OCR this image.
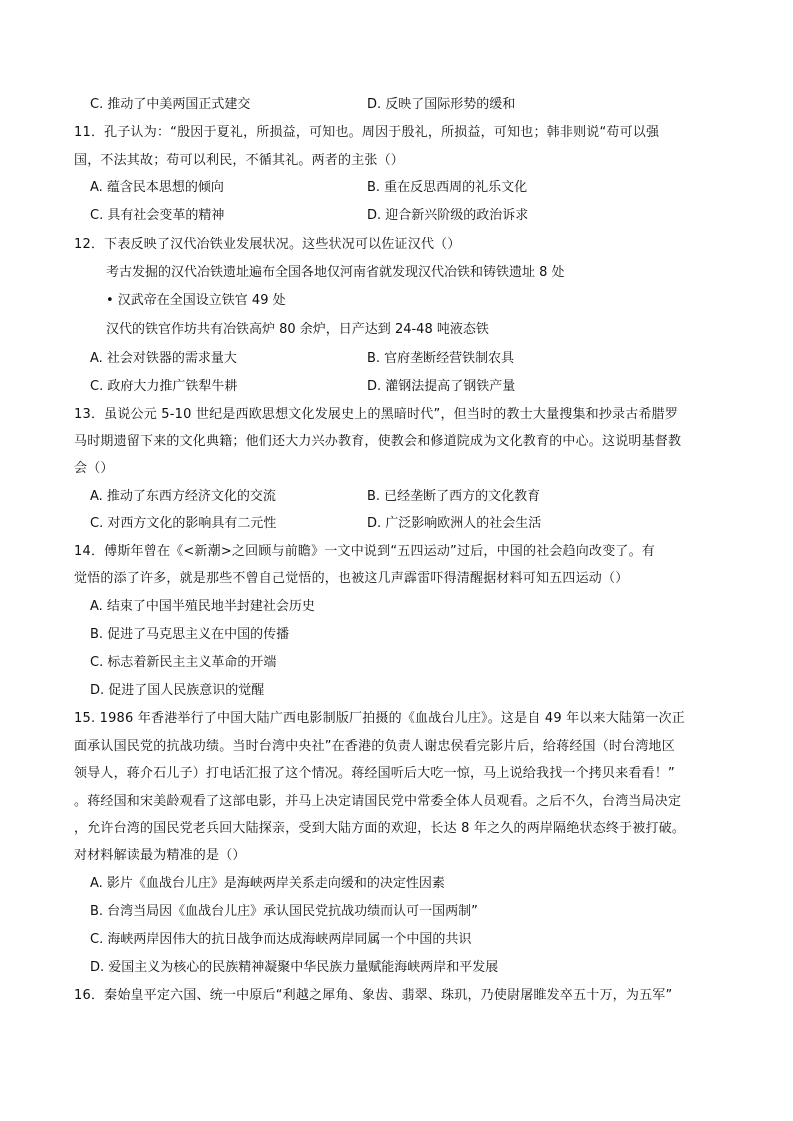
C. 推动了中美两国正式建交	D. 反映了国际形势的缓和
11．孔子认为：“殷因于夏礼，所损益，可知也。周因于殷礼，所损益，可知也；韩非则说“苟可以强
国，不法其故；苟可以利民，不循其礼。两者的主张（）
A. 蕴含民本思想的倾向	B. 重在反思西周的礼乐文化
C. 具有社会变革的精神	D. 迎合新兴阶级的政治诉求
12．下表反映了汉代冶铁业发展状况。这些状况可以佐证汉代（）
考古发掘的汉代冶铁遗址遍布全国各地仅河南省就发现汉代冶铁和铸铁遗址 8 处
• 汉武帝在全国设立铁官 49 处
汉代的铁官作坊共有冶铁高炉 80 余炉，日产达到 24-48 吨液态铁
A. 社会对铁器的需求量大	B. 官府垄断经营铁制农具
C. 政府大力推广铁犁牛耕	D. 灌钢法提高了钢铁产量
13．虽说公元 5-10 世纪是西欧思想文化发展史上的黑暗时代”，但当时的教士大量搜集和抄录古希腊罗
马时期遗留下来的文化典籍；他们还大力兴办教育，使教会和修道院成为文化教育的中心。这说明基督教
会（）
A. 推动了东西方经济文化的交流	B. 已经垄断了西方的文化教育
C. 对西方文化的影响具有二元性	D. 广泛影响欧洲人的社会生活
14．傅斯年曾在《<新潮>之回顾与前瞻》一文中说到“五四运动”过后，中国的社会趋向改变了。有
觉悟的添了许多，就是那些不曾自己觉悟的，也被这几声霹雷吓得清醒据材料可知五四运动（）
A. 结束了中国半殖民地半封建社会历史
B. 促进了马克思主义在中国的传播
C. 标志着新民主主义革命的开端
D. 促进了国人民族意识的觉醒
15. 1986 年香港举行了中国大陆广西电影制版厂拍摄的《血战台儿庄》。这是自 49 年以来大陆第一次正
面承认国民党的抗战功绩。当时台湾中央社”在香港的负责人谢忠侯看完影片后，给蒋经国（时台湾地区
领导人，蒋介石儿子）打电话汇报了这个情况。蒋经国听后大吃一惊，马上说给我找一个拷贝来看看！”
。蒋经国和宋美龄观看了这部电影，并马上决定请国民党中常委全体人员观看。之后不久，台湾当局决定
，允许台湾的国民党老兵回大陆探亲，受到大陆方面的欢迎，长达 8 年之久的两岸隔绝状态终于被打破。
对材料解读最为精准的是（）
A. 影片《血战台儿庄》是海峡两岸关系走向缓和的决定性因素
B. 台湾当局因《血战台儿庄》承认国民党抗战功绩而认可一国两制”
C. 海峡两岸因伟大的抗日战争而达成海峡两岸同属一个中国的共识
D. 爱国主义为核心的民族精神凝聚中华民族力量赋能海峡两岸和平发展
16．秦始皇平定六国、统一中原后“利越之犀角、象齿、翡翠、珠玑，乃使尉屠睢发卒五十万，为五军”
